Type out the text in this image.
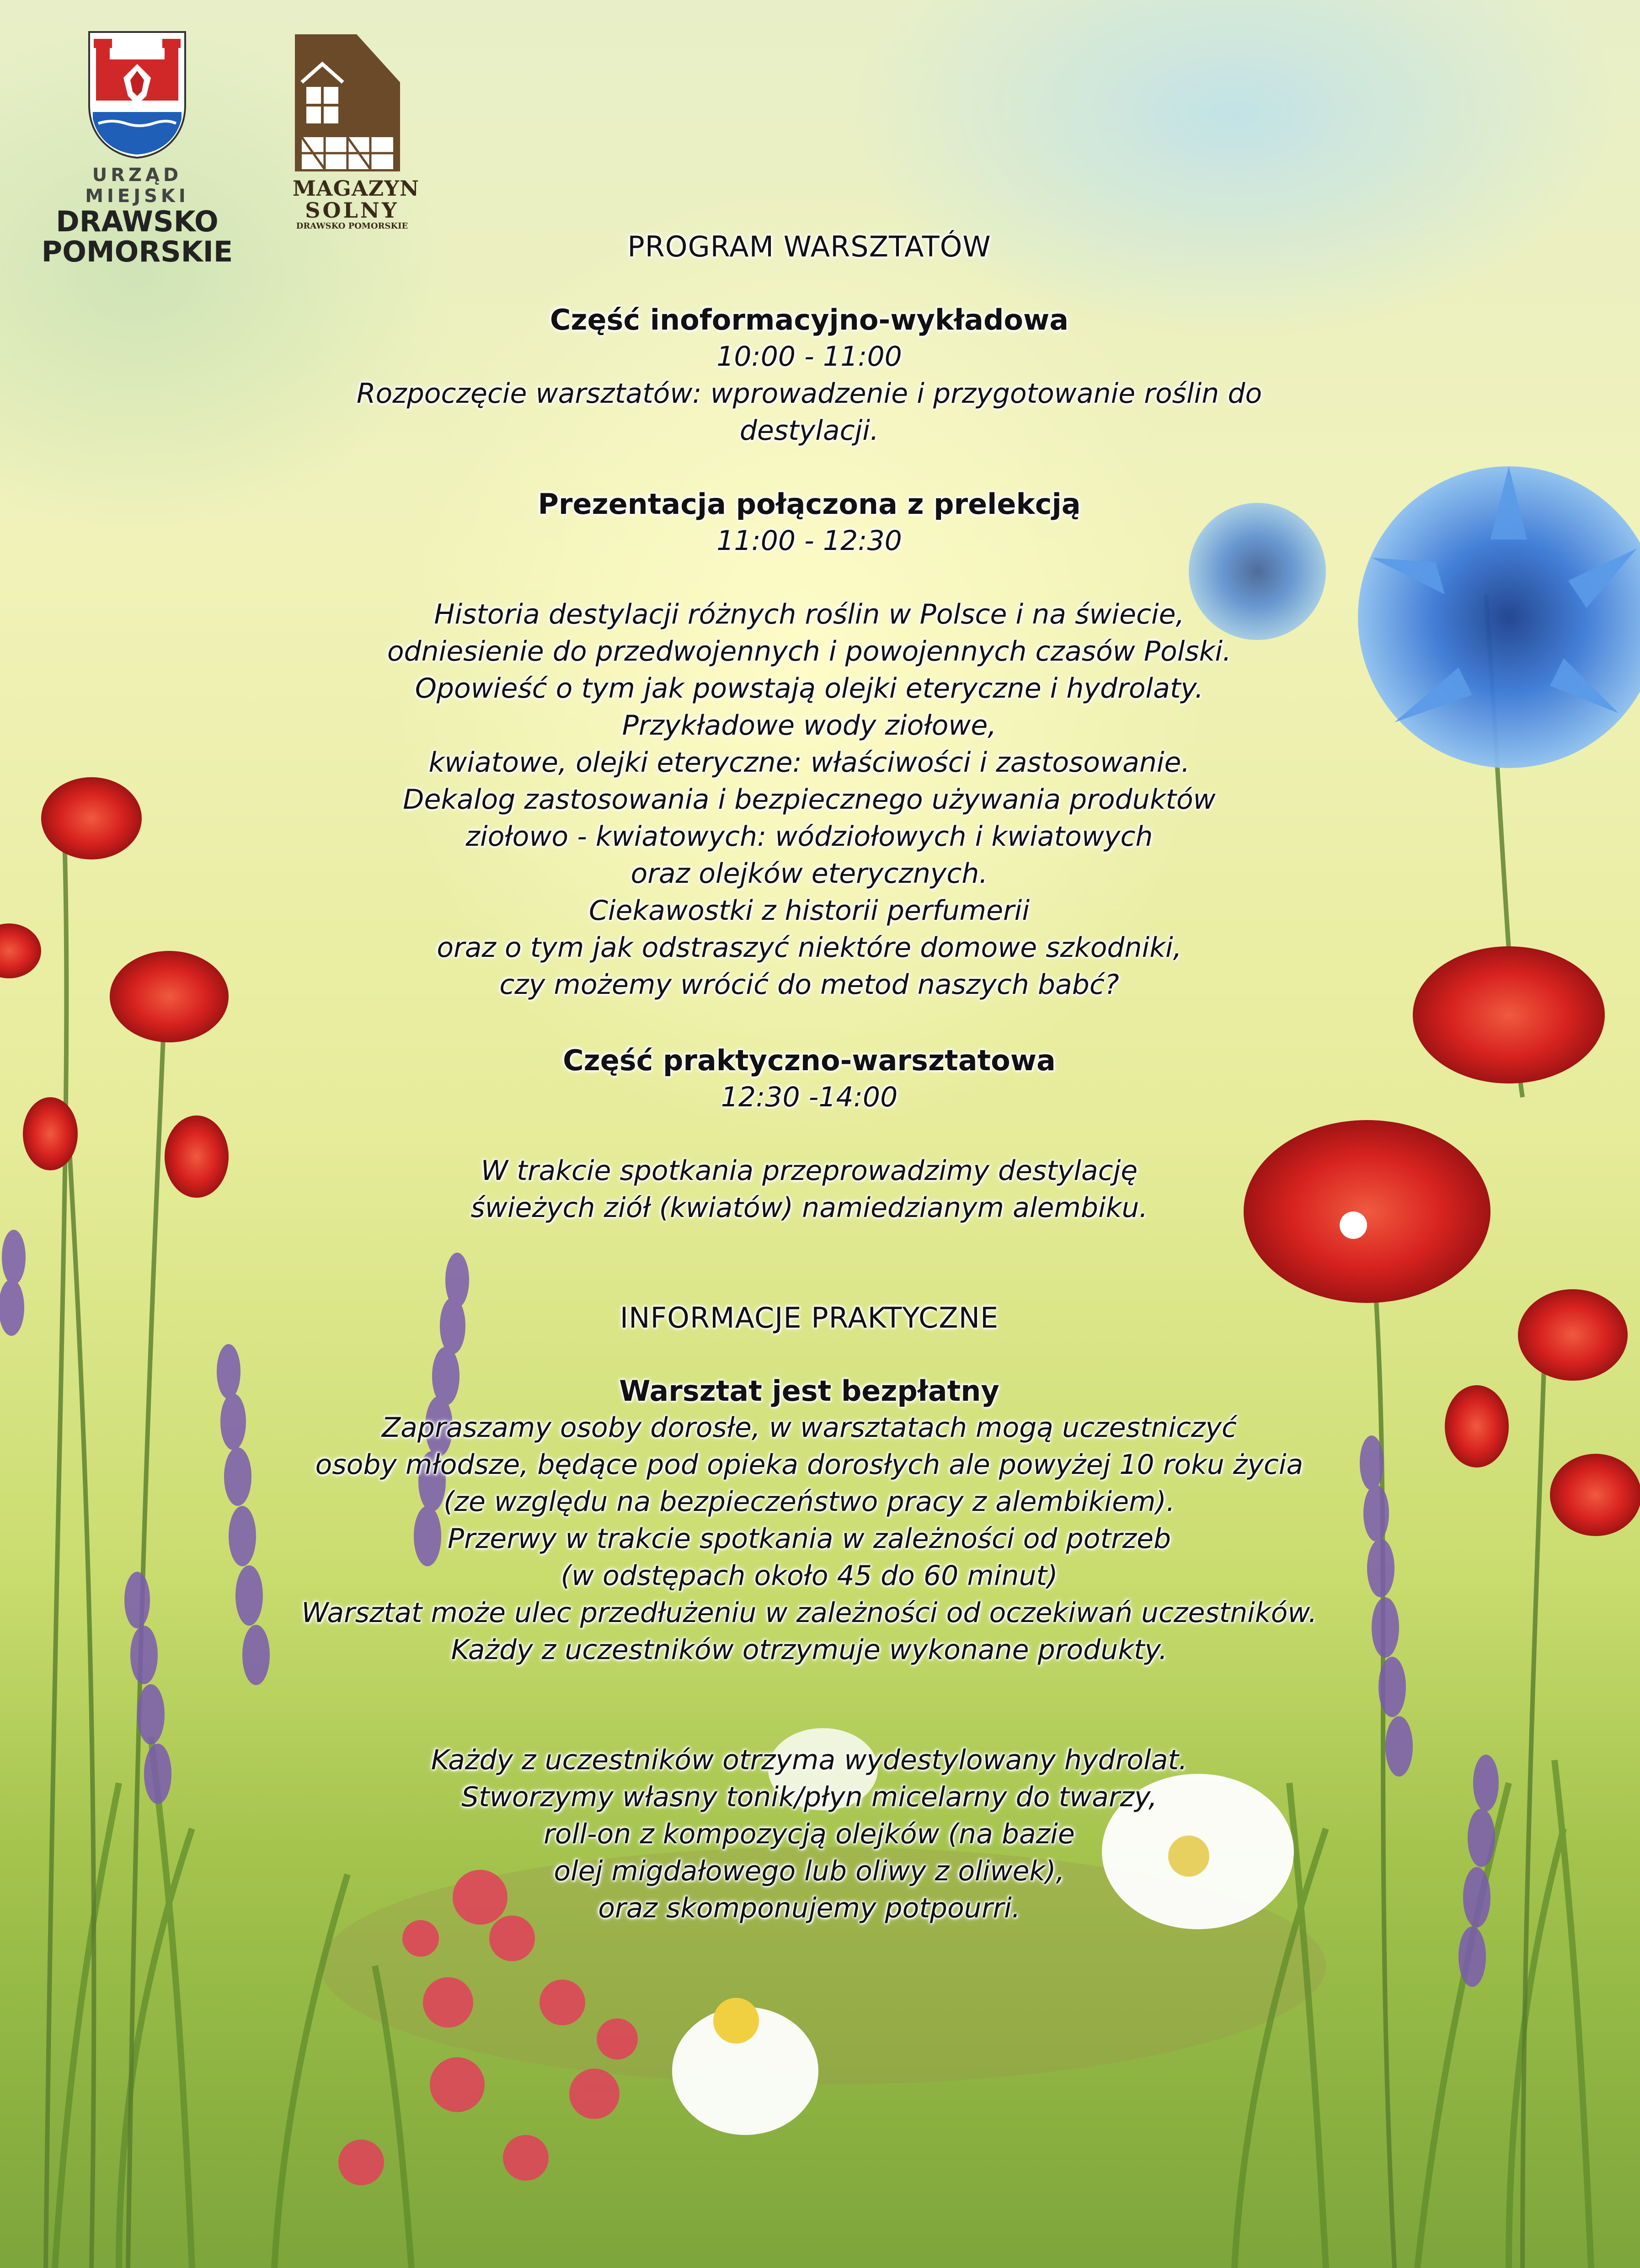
URZĄD MIEJSKI
DRAWSKO
POMORSKIE
MAGAZYN
SOLNY
DRAWSKO POMORSKIE
PROGRAM WARSZTATÓW
Część inoformacyjno-wykładowa
10:00 - 11:00
Rozpoczęcie warsztatów: wprowadzenie i przygotowanie roślin do
destylacji.
Prezentacja połączona z prelekcją
11:00 - 12:30
Historia destylacji różnych roślin w Polsce i na świecie,
odniesienie do przedwojennych i powojennych czasów Polski.
Opowieść o tym jak powstają olejki eteryczne i hydrolaty.
Przykładowe wody ziołowe,
kwiatowe, olejki eteryczne: właściwości i zastosowanie.
Dekalog zastosowania i bezpiecznego używania produktów
ziołowo - kwiatowych: wódziołowych i kwiatowych
oraz olejków eterycznych.
Ciekawostki z historii perfumerii
oraz o tym jak odstraszyć niektóre domowe szkodniki,
czy możemy wrócić do metod naszych babć?
Część praktyczno-warsztatowa
12:30 -14:00
W trakcie spotkania przeprowadzimy destylację
świeżych ziół (kwiatów) namiedzianym alembiku.
INFORMACJE PRAKTYCZNE
Warsztat jest bezpłatny
Zapraszamy osoby dorosłe, w warsztatach mogą uczestniczyć
osoby młodsze, będące pod opieka dorosłych ale powyżej 10 roku życia
(ze względu na bezpieczeństwo pracy z alembikiem).
Przerwy w trakcie spotkania w zależności od potrzeb
(w odstępach około 45 do 60 minut)
Warsztat może ulec przedłużeniu w zależności od oczekiwań uczestników.
Każdy z uczestników otrzymuje wykonane produkty.
Każdy z uczestników otrzyma wydestylowany hydrolat.
Stworzymy własny tonik/płyn micelarny do twarzy,
roll-on z kompozycją olejków (na bazie
olej migdałowego lub oliwy z oliwek),
oraz skomponujemy potpourri.
